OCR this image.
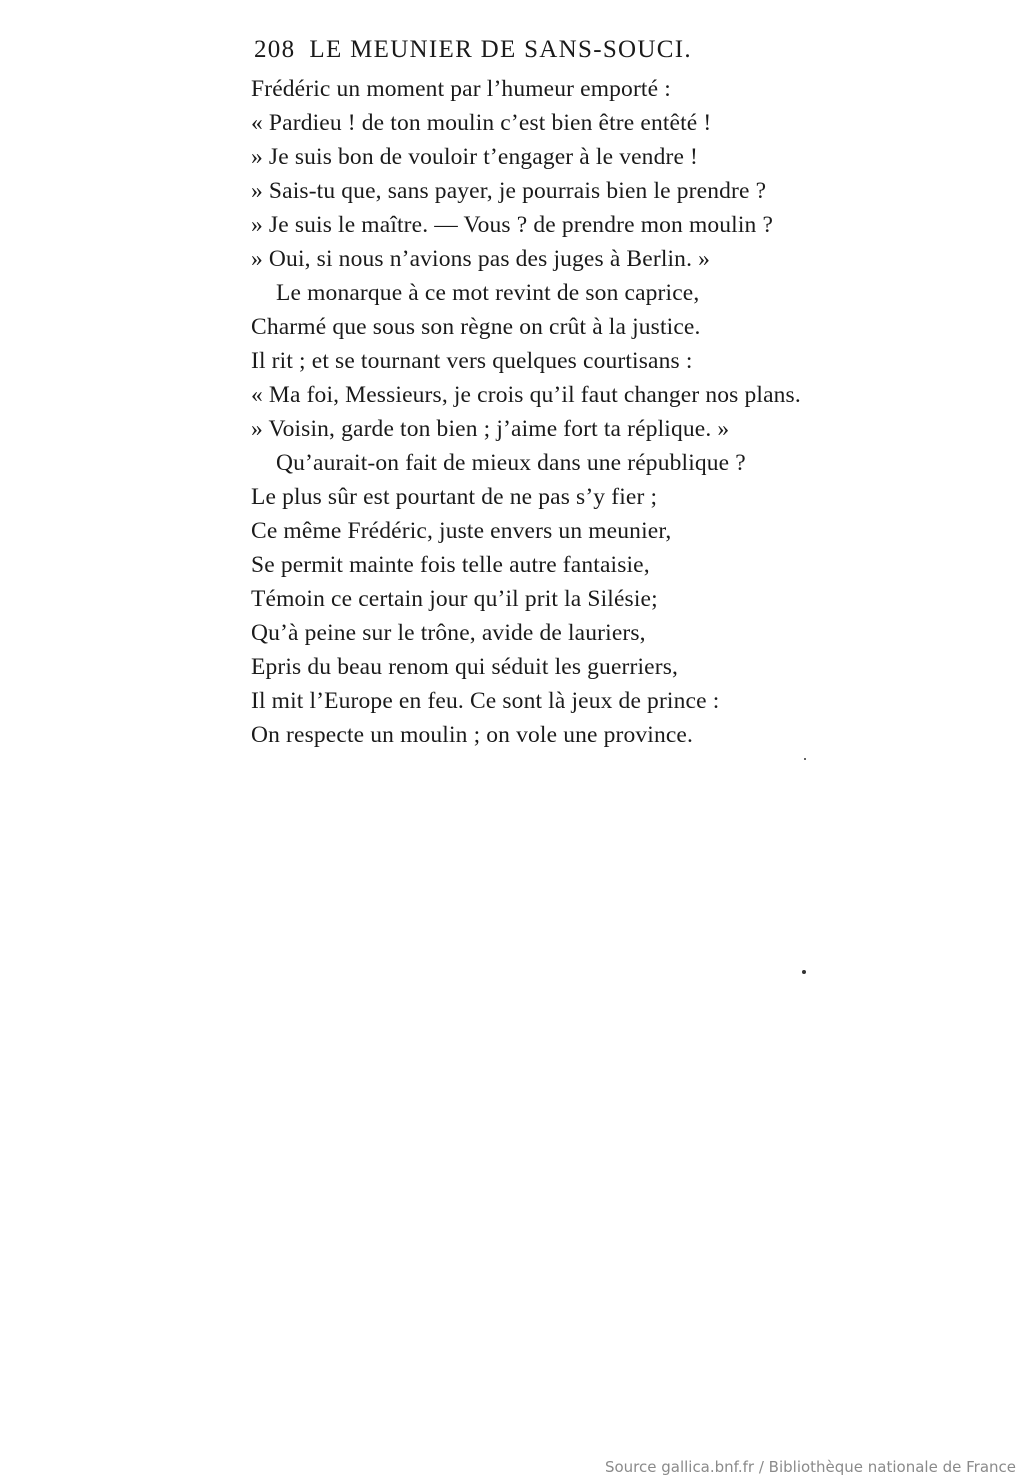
208 LE MEUNIER DE SANS-SOUCI.
Frédéric un moment par l’humeur emporté :
« Pardieu ! de ton moulin c’est bien être entêté !
» Je suis bon de vouloir t’engager à le vendre !
» Sais-tu que, sans payer, je pourrais bien le prendre ?
» Je suis le maître. — Vous ? de prendre mon moulin ?
» Oui, si nous n’avions pas des juges à Berlin. »
Le monarque à ce mot revint de son caprice,
Charmé que sous son règne on crût à la justice.
Il rit ; et se tournant vers quelques courtisans :
« Ma foi, Messieurs, je crois qu’il faut changer nos plans.
» Voisin, garde ton bien ; j’aime fort ta réplique. »
Qu’aurait-on fait de mieux dans une république ?
Le plus sûr est pourtant de ne pas s’y fier ;
Ce même Frédéric, juste envers un meunier,
Se permit mainte fois telle autre fantaisie,
Témoin ce certain jour qu’il prit la Silésie;
Qu’à peine sur le trône, avide de lauriers,
Epris du beau renom qui séduit les guerriers,
Il mit l’Europe en feu. Ce sont là jeux de prince :
On respecte un moulin ; on vole une province.
Source gallica.bnf.fr / Bibliothèque nationale de France
